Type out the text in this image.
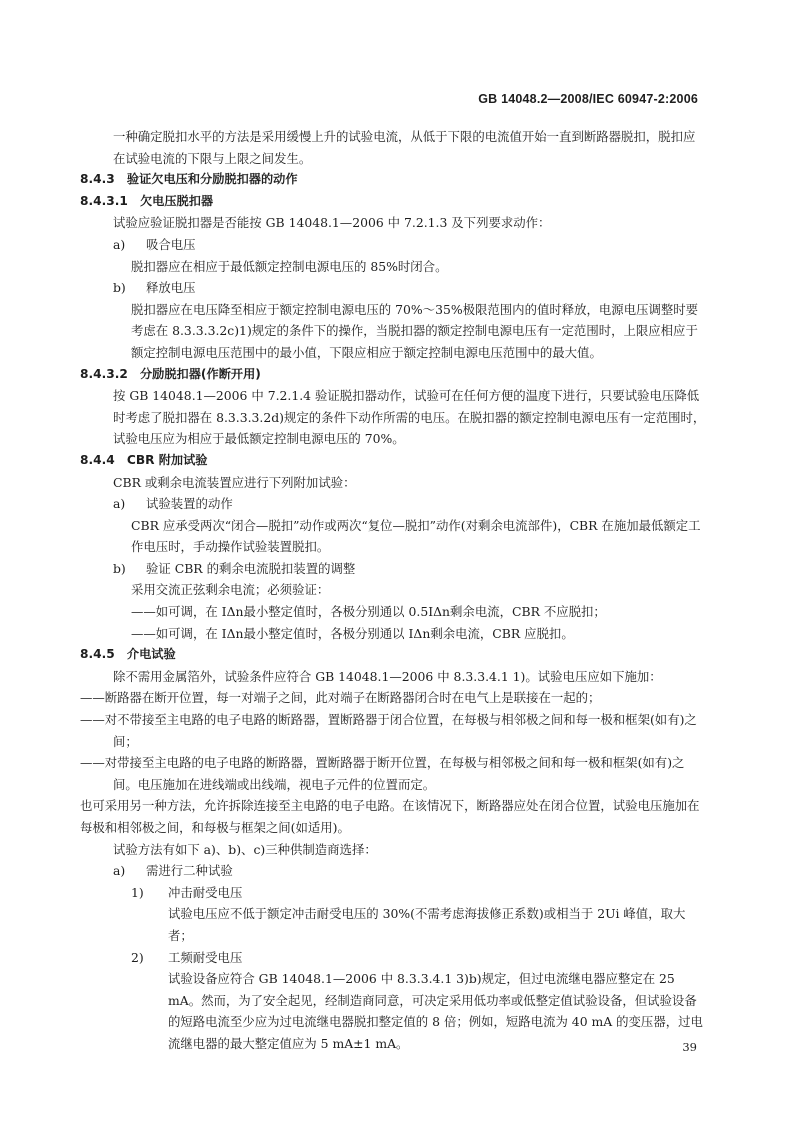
GB 14048.2—2008/IEC 60947-2:2006

一种确定脱扣水平的方法是采用缓慢上升的试验电流，从低于下限的电流值开始一直到断路器脱扣，脱扣应在试验电流的下限与上限之间发生。

8.4.3　验证欠电压和分励脱扣器的动作

8.4.3.1　欠电压脱扣器

试验应验证脱扣器是否能按 GB 14048.1—2006 中 7.2.1.3 及下列要求动作：

a) 吸合电压

脱扣器应在相应于最低额定控制电源电压的 85%时闭合。

b) 释放电压

脱扣器应在电压降至相应于额定控制电源电压的 70%～35%极限范围内的值时释放，电源电压调整时要考虑在 8.3.3.3.2c)1)规定的条件下的操作，当脱扣器的额定控制电源电压有一定范围时，上限应相应于额定控制电源电压范围中的最小值，下限应相应于额定控制电源电压范围中的最大值。

8.4.3.2　分励脱扣器(作断开用)

按 GB 14048.1—2006 中 7.2.1.4 验证脱扣器动作，试验可在任何方便的温度下进行，只要试验电压降低时考虑了脱扣器在 8.3.3.3.2d)规定的条件下动作所需的电压。在脱扣器的额定控制电源电压有一定范围时，试验电压应为相应于最低额定控制电源电压的 70%。

8.4.4　CBR 附加试验

CBR 或剩余电流装置应进行下列附加试验：

a) 试验装置的动作

CBR 应承受两次“闭合—脱扣”动作或两次“复位—脱扣”动作(对剩余电流部件)，CBR 在施加最低额定工作电压时，手动操作试验装置脱扣。

b) 验证 CBR 的剩余电流脱扣装置的调整

采用交流正弦剩余电流；必须验证：

——如可调，在 IΔn最小整定值时，各极分别通以 0.5IΔn剩余电流，CBR 不应脱扣；

——如可调，在 IΔn最小整定值时，各极分别通以 IΔn剩余电流，CBR 应脱扣。

8.4.5　介电试验

除不需用金属箔外，试验条件应符合 GB 14048.1—2006 中 8.3.3.4.1 1)。试验电压应如下施加：

——断路器在断开位置，每一对端子之间，此对端子在断路器闭合时在电气上是联接在一起的；

——对不带接至主电路的电子电路的断路器，置断路器于闭合位置，在每极与相邻极之间和每一极和框架(如有)之间；

——对带接至主电路的电子电路的断路器，置断路器于断开位置，在每极与相邻极之间和每一极和框架(如有)之间。电压施加在进线端或出线端，视电子元件的位置而定。

也可采用另一种方法，允许拆除连接至主电路的电子电路。在该情况下，断路器应处在闭合位置，试验电压施加在每极和相邻极之间，和每极与框架之间(如适用)。

试验方法有如下 a)、b)、c)三种供制造商选择：

a) 需进行二种试验

1) 冲击耐受电压

试验电压应不低于额定冲击耐受电压的 30%(不需考虑海拔修正系数)或相当于 2Ui 峰值，取大者；

2) 工频耐受电压

试验设备应符合 GB 14048.1—2006 中 8.3.3.4.1 3)b)规定，但过电流继电器应整定在 25 mA。然而，为了安全起见，经制造商同意，可决定采用低功率或低整定值试验设备，但试验设备的短路电流至少应为过电流继电器脱扣整定值的 8 倍；例如，短路电流为 40 mA 的变压器，过电流继电器的最大整定值应为 5 mA±1 mA。	39
